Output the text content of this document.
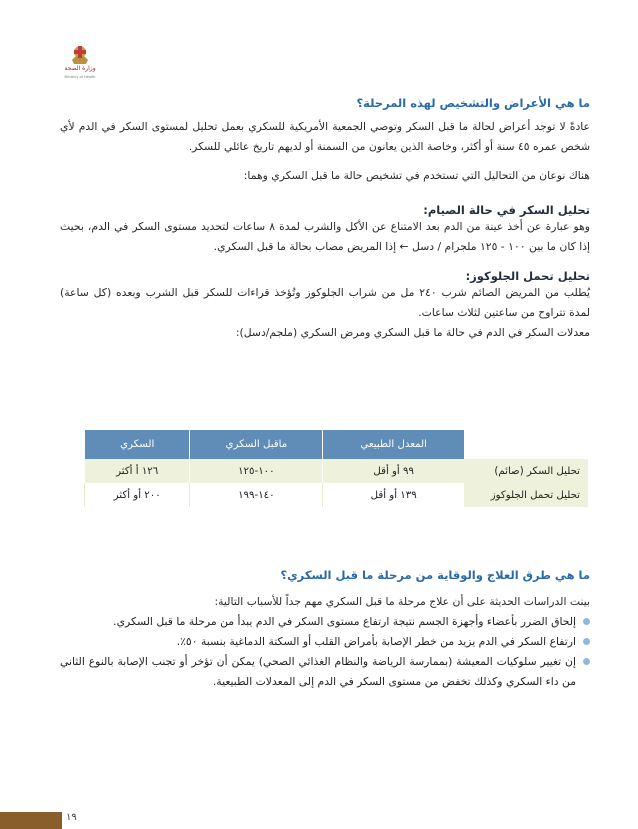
وزارة الصحة
Ministry of Health

ما هي الأعراض والتشخيص لهذه المرحلة؟

عادةً لا توجد أعراض لحالة ما قبل السكر وتوصي الجمعية الأمريكية للسكري بعمل تحليل لمستوى السكر في الدم لأي شخص عمره ٤٥ سنة أو أكثر، وخاصة الذين يعانون من السمنة أو لديهم تاريخ عائلي للسكر.

هناك نوعان من التحاليل التي تستخدم في تشخيص حالة ما قبل السكري وهما:

تحليل السكر في حالة الصيام:

وهو عبارة عن أخذ عينة من الدم بعد الامتناع عن الأكل والشرب لمدة ٨ ساعات لتحديد مستوى السكر في الدم، بحيث إذا كان ما بين ١٠٠ - ١٢٥ ملجرام / دسل ← إذا المريض مصاب بحالة ما قبل السكري.

تحليل تحمل الجلوكوز:

يُطلب من المريض الصائم شرب ٢٤٠ مل من شراب الجلوكوز وتُؤخذ قراءات للسكر قبل الشرب وبعده (كل ساعة) لمدة تتراوح من ساعتين لثلاث ساعات.

معدلات السكر في الدم في حالة ما قبل السكري ومرض السكري (ملجم/دسل):

	المعدل الطبيعي	ماقبل السكري	السكري
تحليل السكر (صائم)	٩٩ أو أقل	١٠٠-١٢٥	١٢٦ أ أكثر
تحليل تحمل الجلوكوز	١٣٩ أو أقل	١٤٠-١٩٩	٢٠٠ أو أكثر

ما هي طرق العلاج والوقاية من مرحلة ما قبل السكري؟

بينت الدراسات الحديثة على أن علاج مرحلة ما قبل السكري مهم جداً للأسباب التالية:

إلحاق الضرر بأعضاء وأجهزة الجسم نتيجة ارتفاع مستوى السكر في الدم يبدأ من مرحلة ما قبل السكري.
ارتفاع السكر في الدم يزيد من خطر الإصابة بأمراض القلب أو السكتة الدماغية بنسبة ٥٠٪.
إن تغيير سلوكيات المعيشة (بممارسة الرياضة والنظام الغذائي الصحي) يمكن أن تؤخر أو تجنب الإصابة بالنوع الثاني من داء السكري وكذلك تخفض من مستوى السكر في الدم إلى المعدلات الطبيعية.
١٩
